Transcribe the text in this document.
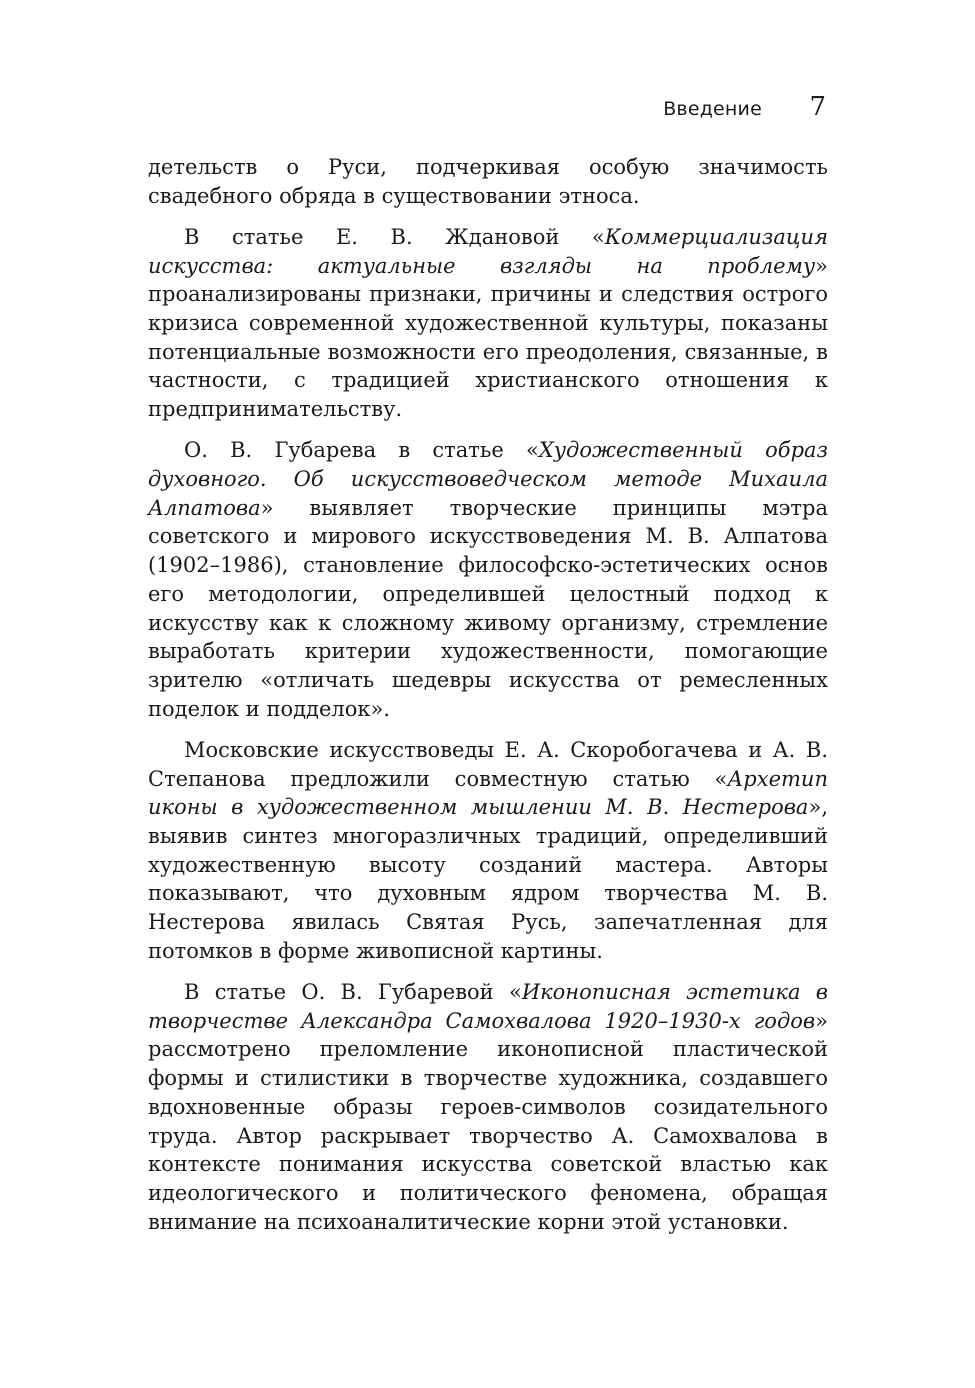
Введение 7

детельств о Руси, подчеркивая особую значимость свадебного обряда в существовании этноса.

В статье Е. В. Ждановой «Коммерциализация искусства: актуальные взгляды на проблему» проанализированы признаки, причины и следствия острого кризиса современной художественной культуры, показаны потенциальные возможности его преодоления, связанные, в частности, с традицией христианского отношения к предпринимательству.

О. В. Губарева в статье «Художественный образ духовного. Об искусствоведческом методе Михаила Алпатова» выявляет творческие принципы мэтра советского и мирового искусствоведения М. В. Алпатова (1902–1986), становление философско-эстетических основ его методологии, определившей целостный подход к искусству как к сложному живому организму, стремление выработать критерии художественности, помогающие зрителю «отличать шедевры искусства от ремесленных поделок и подделок».

Московские искусствоведы Е. А. Скоробогачева и А. В. Степанова предложили совместную статью «Архетип иконы в художественном мышлении М. В. Нестерова», выявив синтез многоразличных традиций, определивший художественную высоту созданий мастера. Авторы показывают, что духовным ядром творчества М. В. Нестерова явилась Святая Русь, запечатленная для потомков в форме живописной картины.

В статье О. В. Губаревой «Иконописная эстетика в творчестве Александра Самохвалова 1920–1930-х годов» рассмотрено преломление иконописной пластической формы и стилистики в творчестве художника, создавшего вдохновенные образы героев-символов созидательного труда. Автор раскрывает творчество А. Самохвалова в контексте понимания искусства советской властью как идеологического и политического феномена, обращая внимание на психоаналитические корни этой установки.
